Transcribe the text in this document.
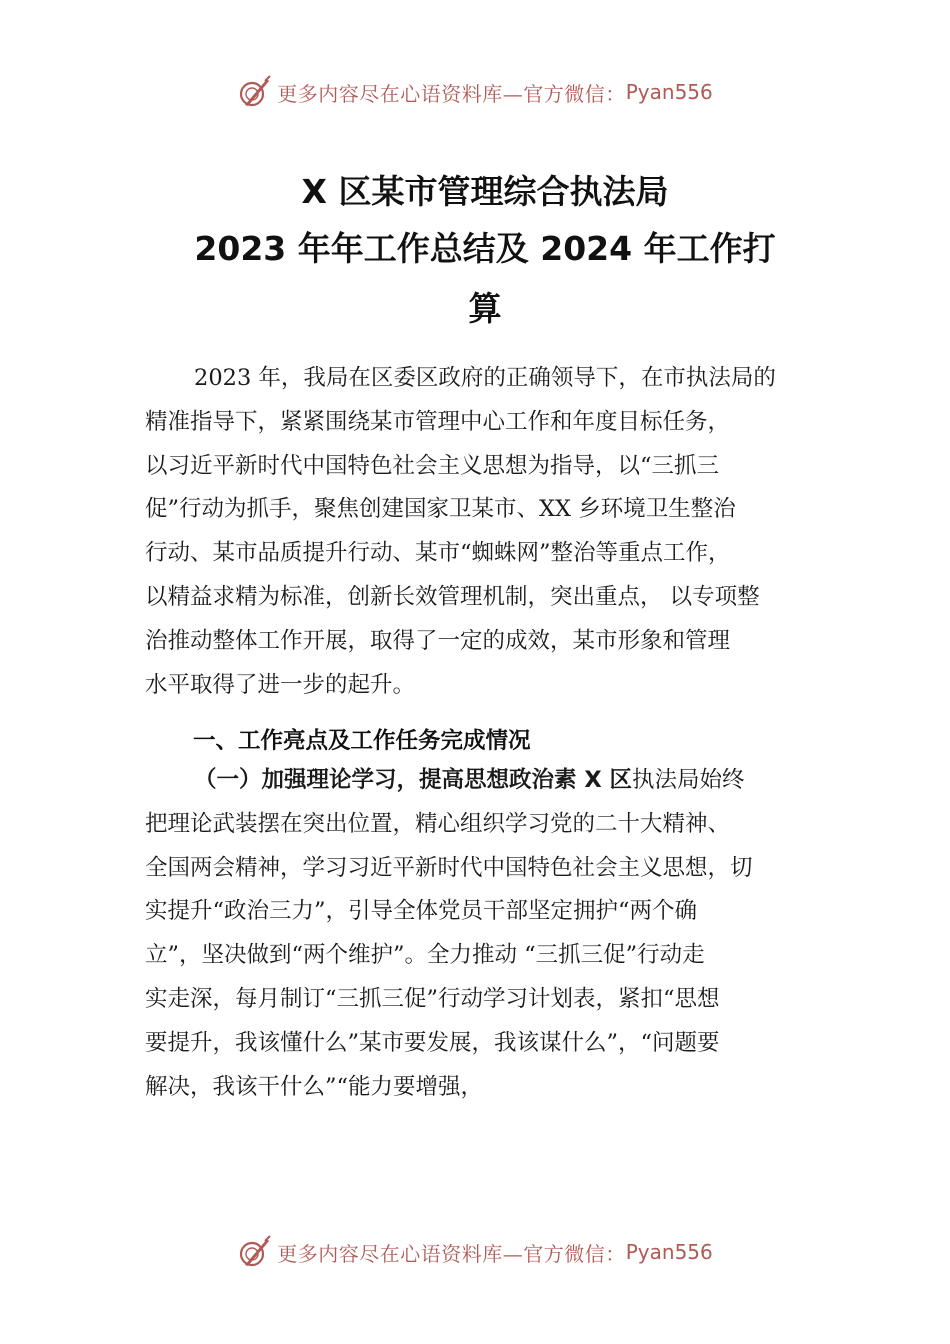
更多内容尽在心语资料库—官方微信： Pyan556
X 区某市管理综合执法局
2023 年年工作总结及 2024 年工作打
算
2023 年，我局在区委区政府的正确领导下，在市执法局的
精准指导下，紧紧围绕某市管理中心工作和年度目标任务，
以习近平新时代中国特色社会主义思想为指导，以“三抓三
促”行动为抓手，聚焦创建国家卫某市、XX 乡环境卫生整治
行动、某市品质提升行动、某市“蜘蛛网”整治等重点工作，
以精益求精为标准，创新长效管理机制，突出重点， 以专项整
治推动整体工作开展，取得了一定的成效，某市形象和管理
水平取得了进一步的起升。
一、工作亮点及工作任务完成情况
（一）加强理论学习，提高思想政治素 X 区执法局始终
把理论武装摆在突出位置，精心组织学习党的二十大精神、
全国两会精神，学习习近平新时代中国特色社会主义思想，切
实提升“政治三力”，引导全体党员干部坚定拥护“两个确
立”，坚决做到“两个维护”。全力推动 “三抓三促”行动走
实走深，每月制订“三抓三促”行动学习计划表，紧扣“思想
要提升，我该懂什么”某市要发展，我该谋什么”，“问题要
解决，我该干什么”“能力要增强，
更多内容尽在心语资料库—官方微信： Pyan556
